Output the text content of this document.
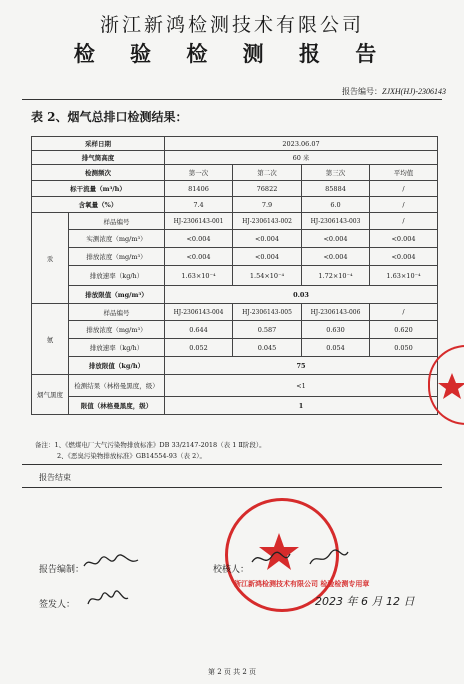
浙江新鸿检测技术有限公司
检 验 检 测 报 告
报告编号：ZJXH(HJ)-2306143
表 2、烟气总排口检测结果：
采样日期		2023.06.07			
排气筒高度		60 米			
检测频次		第一次	第二次	第三次	平均值
标干流量（m³/h）		81406	76822	85884	/
含氧量（%）		7.4	7.9	6.0	/
汞	样品编号	HJ-2306143-001	HJ-2306143-002	HJ-2306143-003	/
	实测浓度（mg/m³）	<0.004	<0.004	<0.004	<0.004
	排放浓度（mg/m³）	<0.004	<0.004	<0.004	<0.004
	排放速率（kg/h）	1.63×10⁻⁴	1.54×10⁻⁴	1.72×10⁻⁴	1.63×10⁻⁴
	排放限值（mg/m³）	0.03			
氨	样品编号	HJ-2306143-004	HJ-2306143-005	HJ-2306143-006	/
	排放浓度（mg/m³）	0.644	0.587	0.630	0.620
	排放速率（kg/h）	0.052	0.045	0.054	0.050
	排放限值（kg/h）	75			
烟气黑度	检测结果（林格曼黑度，级）	<1			
	限值（林格曼黑度，级）	1			
备注：1、《燃煤电厂大气污染物排放标准》DB 33/2147-2018（表 1 Ⅱ阶段）。
2、《恶臭污染物排放标准》GB14554-93（表 2）。
报告结束
浙江新鸿检测技术有限公司 检验检测专用章
报告编制：	校核人：
签发人：	2023 年 6 月 12 日
第 2 页 共 2 页
